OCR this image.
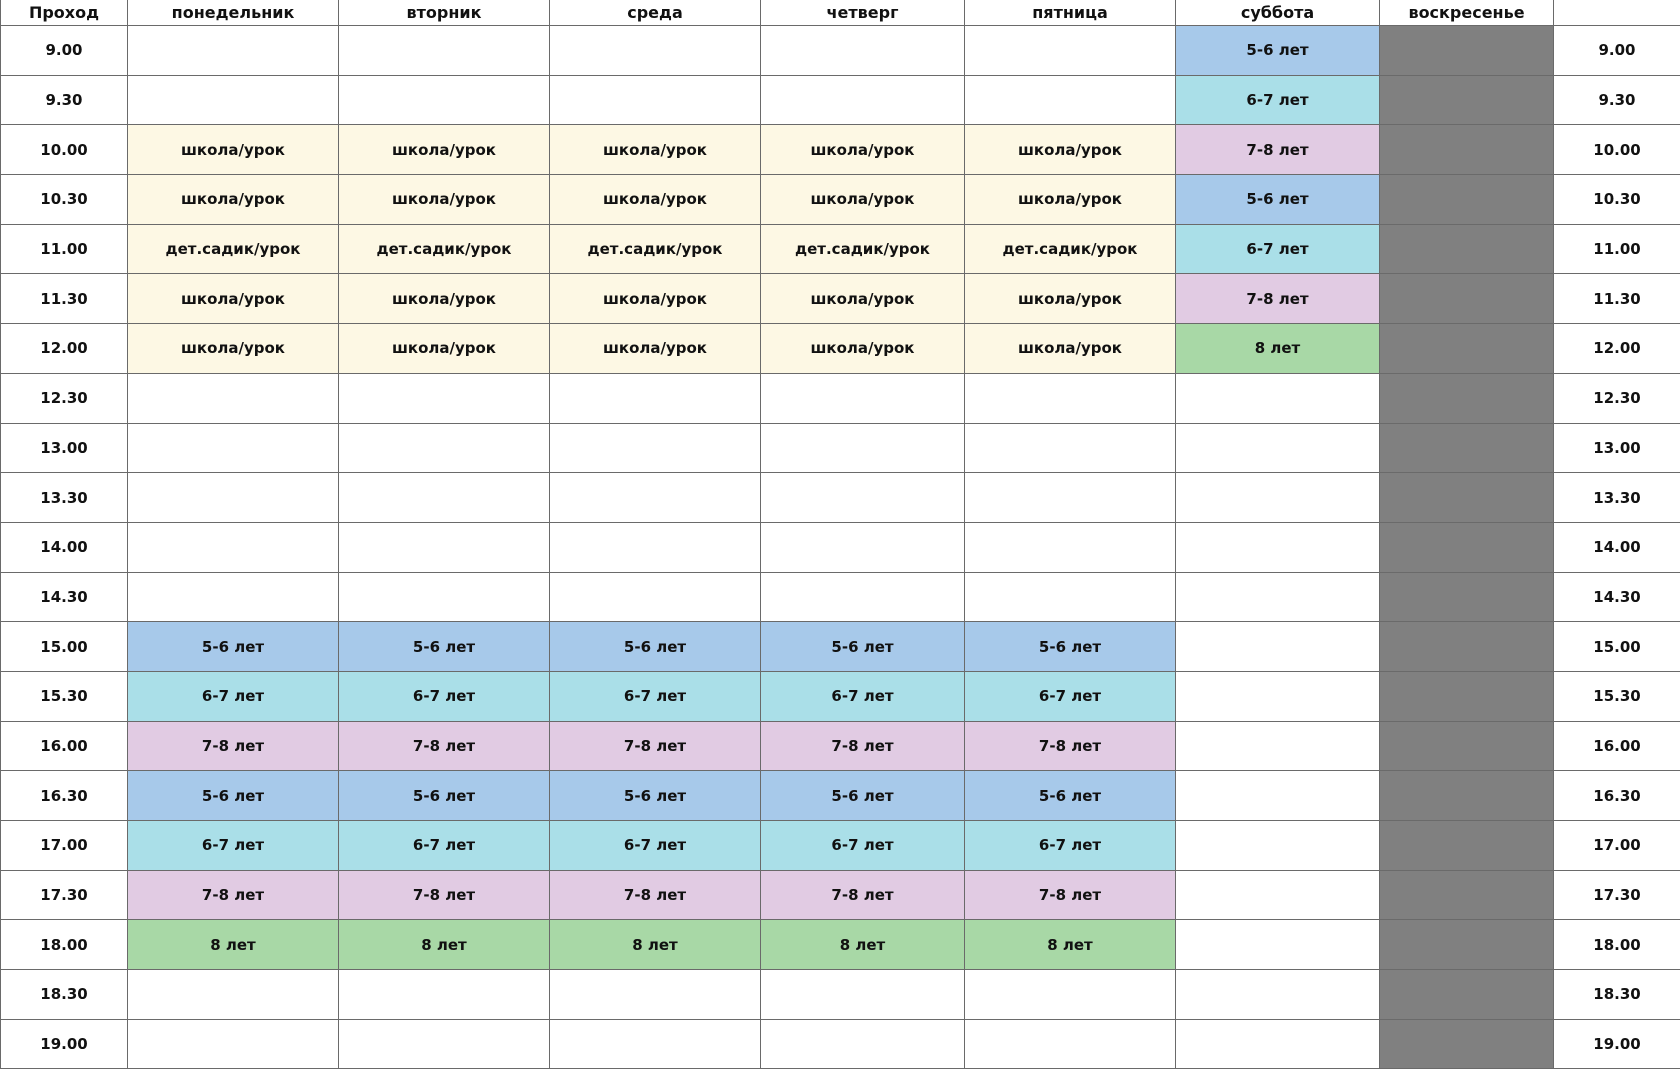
Проход	понедельник	вторник	среда	четверг	пятница	суббота	воскресенье	
9.00						5-6 лет		9.00
9.30						6-7 лет		9.30
10.00	школа/урок	школа/урок	школа/урок	школа/урок	школа/урок	7-8 лет		10.00
10.30	школа/урок	школа/урок	школа/урок	школа/урок	школа/урок	5-6 лет		10.30
11.00	дет.садик/урок	дет.садик/урок	дет.садик/урок	дет.садик/урок	дет.садик/урок	6-7 лет		11.00
11.30	школа/урок	школа/урок	школа/урок	школа/урок	школа/урок	7-8 лет		11.30
12.00	школа/урок	школа/урок	школа/урок	школа/урок	школа/урок	8 лет		12.00
12.30								12.30
13.00								13.00
13.30								13.30
14.00								14.00
14.30								14.30
15.00	5-6 лет	5-6 лет	5-6 лет	5-6 лет	5-6 лет			15.00
15.30	6-7 лет	6-7 лет	6-7 лет	6-7 лет	6-7 лет			15.30
16.00	7-8 лет	7-8 лет	7-8 лет	7-8 лет	7-8 лет			16.00
16.30	5-6 лет	5-6 лет	5-6 лет	5-6 лет	5-6 лет			16.30
17.00	6-7 лет	6-7 лет	6-7 лет	6-7 лет	6-7 лет			17.00
17.30	7-8 лет	7-8 лет	7-8 лет	7-8 лет	7-8 лет			17.30
18.00	8 лет	8 лет	8 лет	8 лет	8 лет			18.00
18.30								18.30
19.00								19.00
